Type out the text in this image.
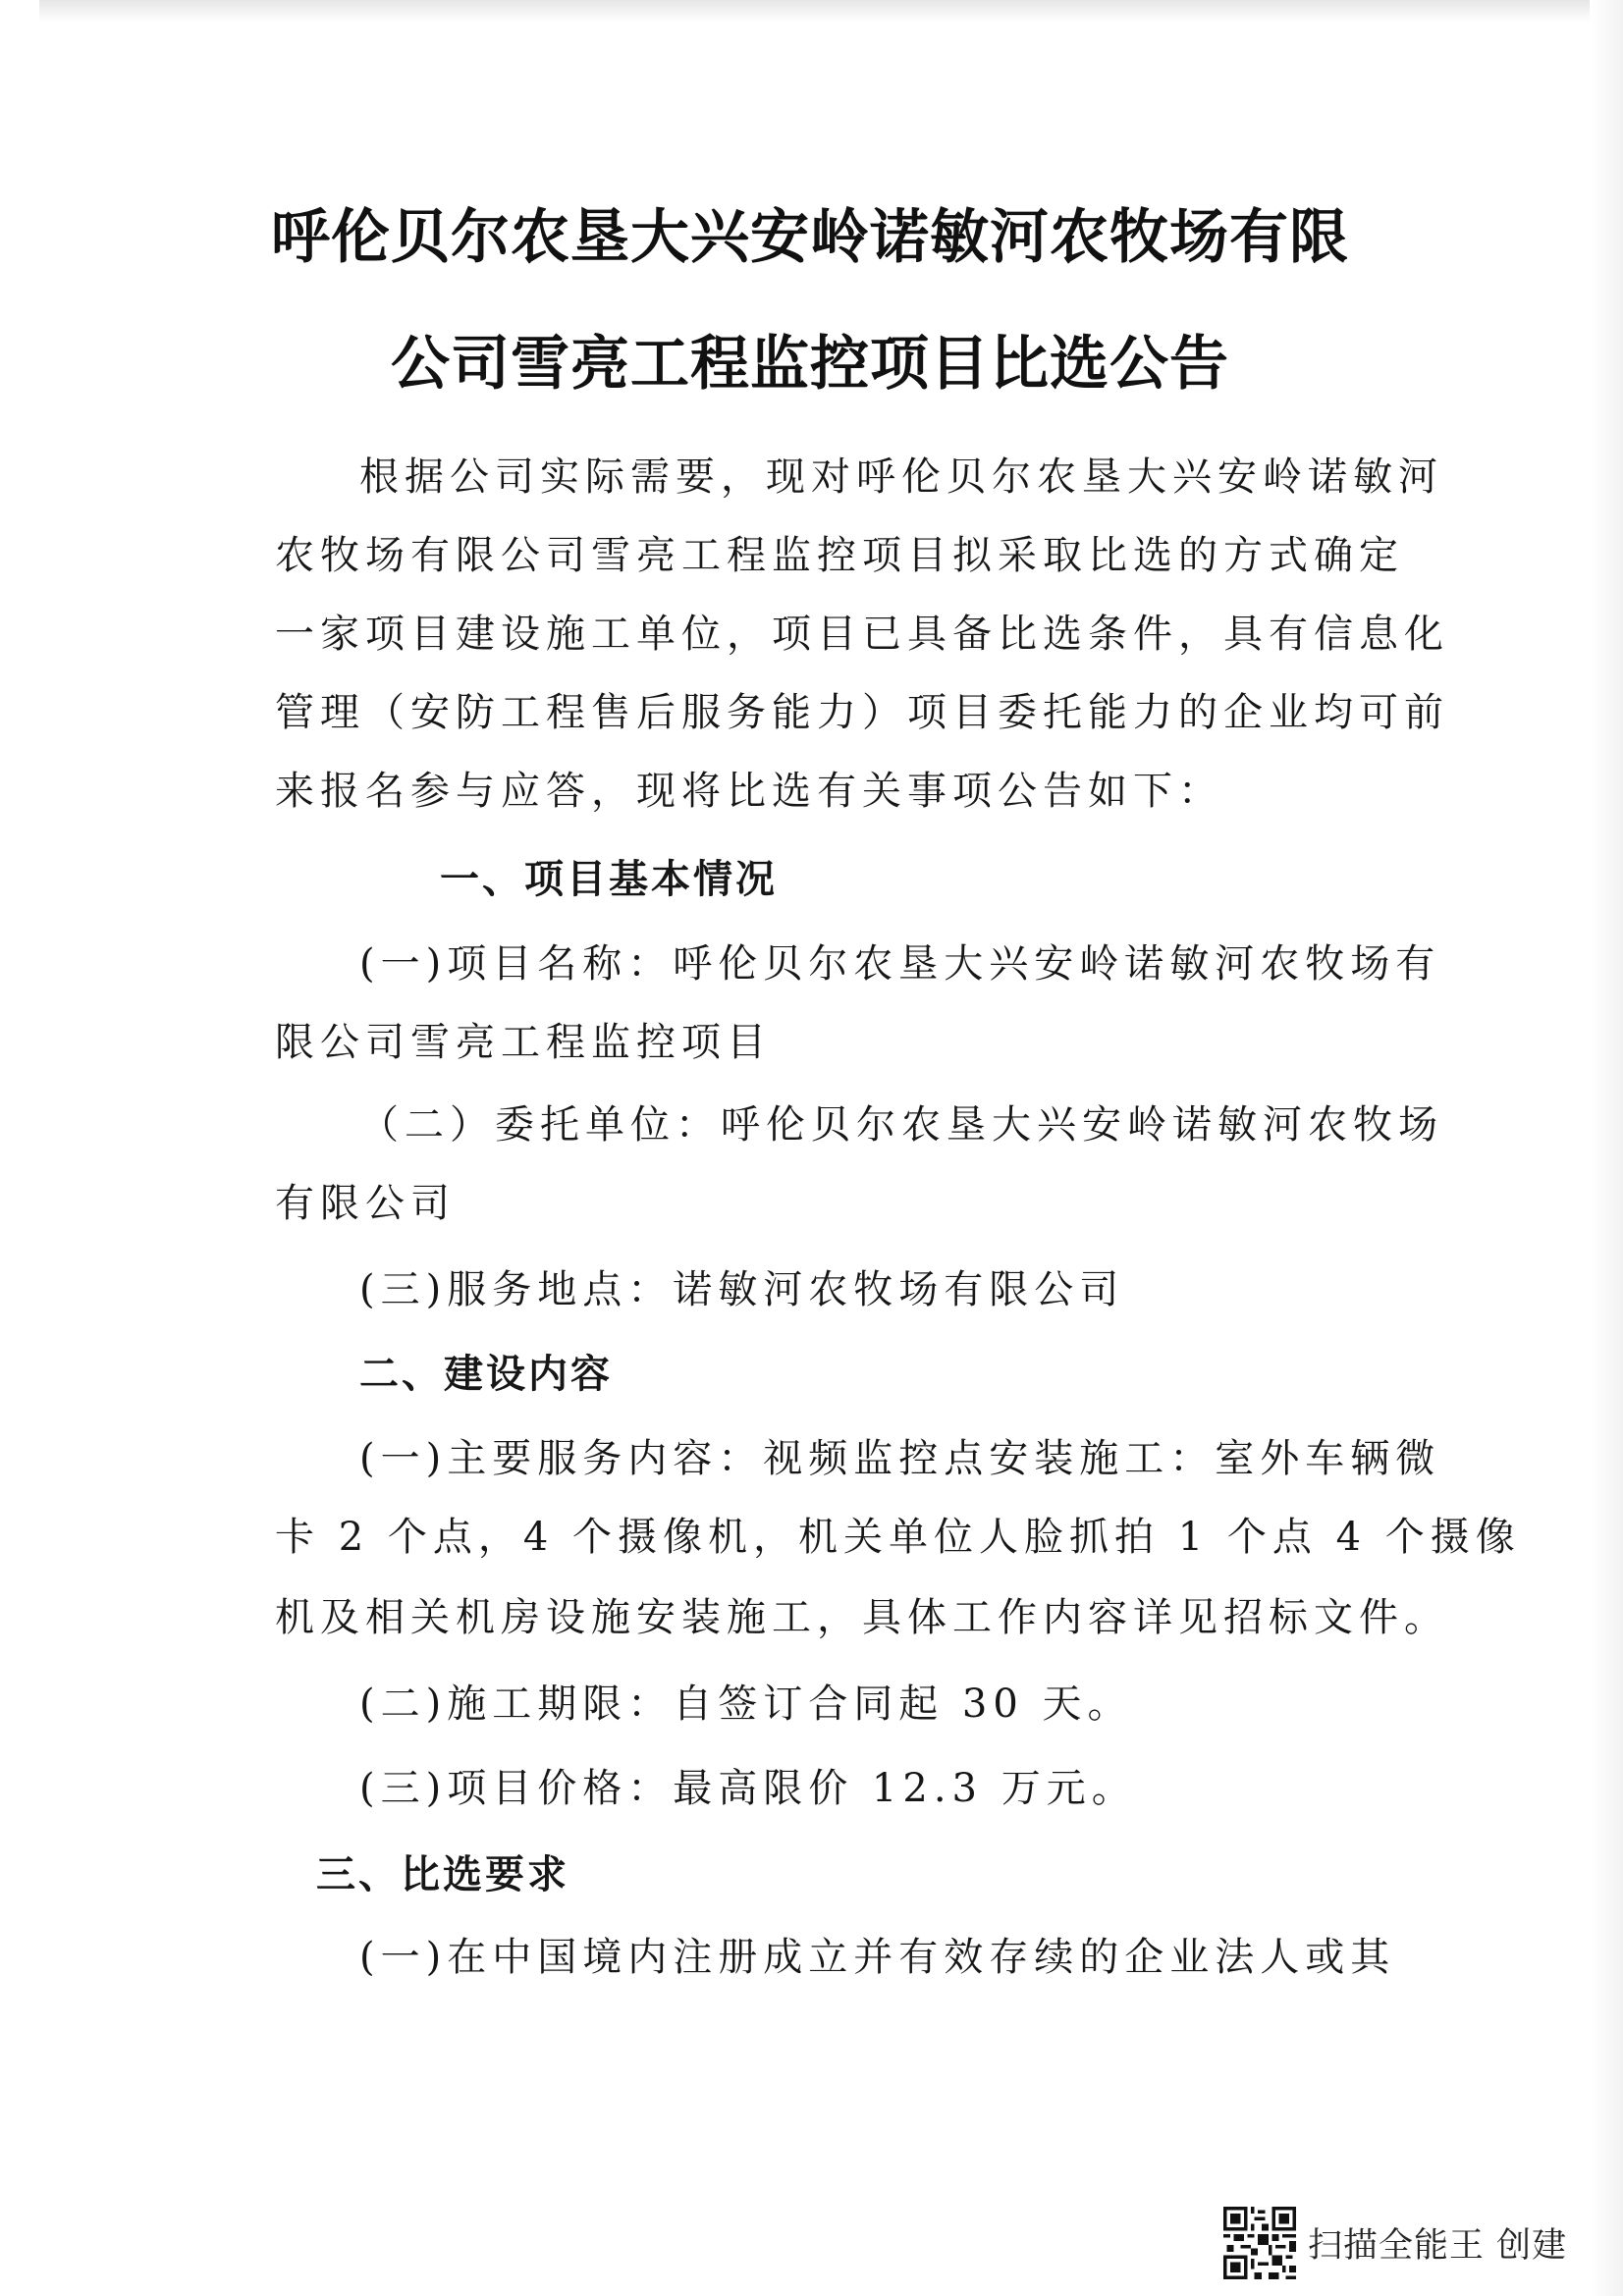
呼伦贝尔农垦大兴安岭诺敏河农牧场有限
公司雪亮工程监控项目比选公告
根据公司实际需要，现对呼伦贝尔农垦大兴安岭诺敏河
农牧场有限公司雪亮工程监控项目拟采取比选的方式确定
一家项目建设施工单位，项目已具备比选条件，具有信息化
管理（安防工程售后服务能力）项目委托能力的企业均可前
来报名参与应答，现将比选有关事项公告如下：
一、项目基本情况
(一)项目名称：呼伦贝尔农垦大兴安岭诺敏河农牧场有
限公司雪亮工程监控项目
（二）委托单位：呼伦贝尔农垦大兴安岭诺敏河农牧场
有限公司
(三)服务地点：诺敏河农牧场有限公司
二、建设内容
(一)主要服务内容：视频监控点安装施工：室外车辆微
卡 2 个点，4 个摄像机，机关单位人脸抓拍 1 个点 4 个摄像
机及相关机房设施安装施工，具体工作内容详见招标文件。
(二)施工期限：自签订合同起 30 天。
(三)项目价格：最高限价 12.3 万元。
三、比选要求
(一)在中国境内注册成立并有效存续的企业法人或其
扫描全能王 创建
